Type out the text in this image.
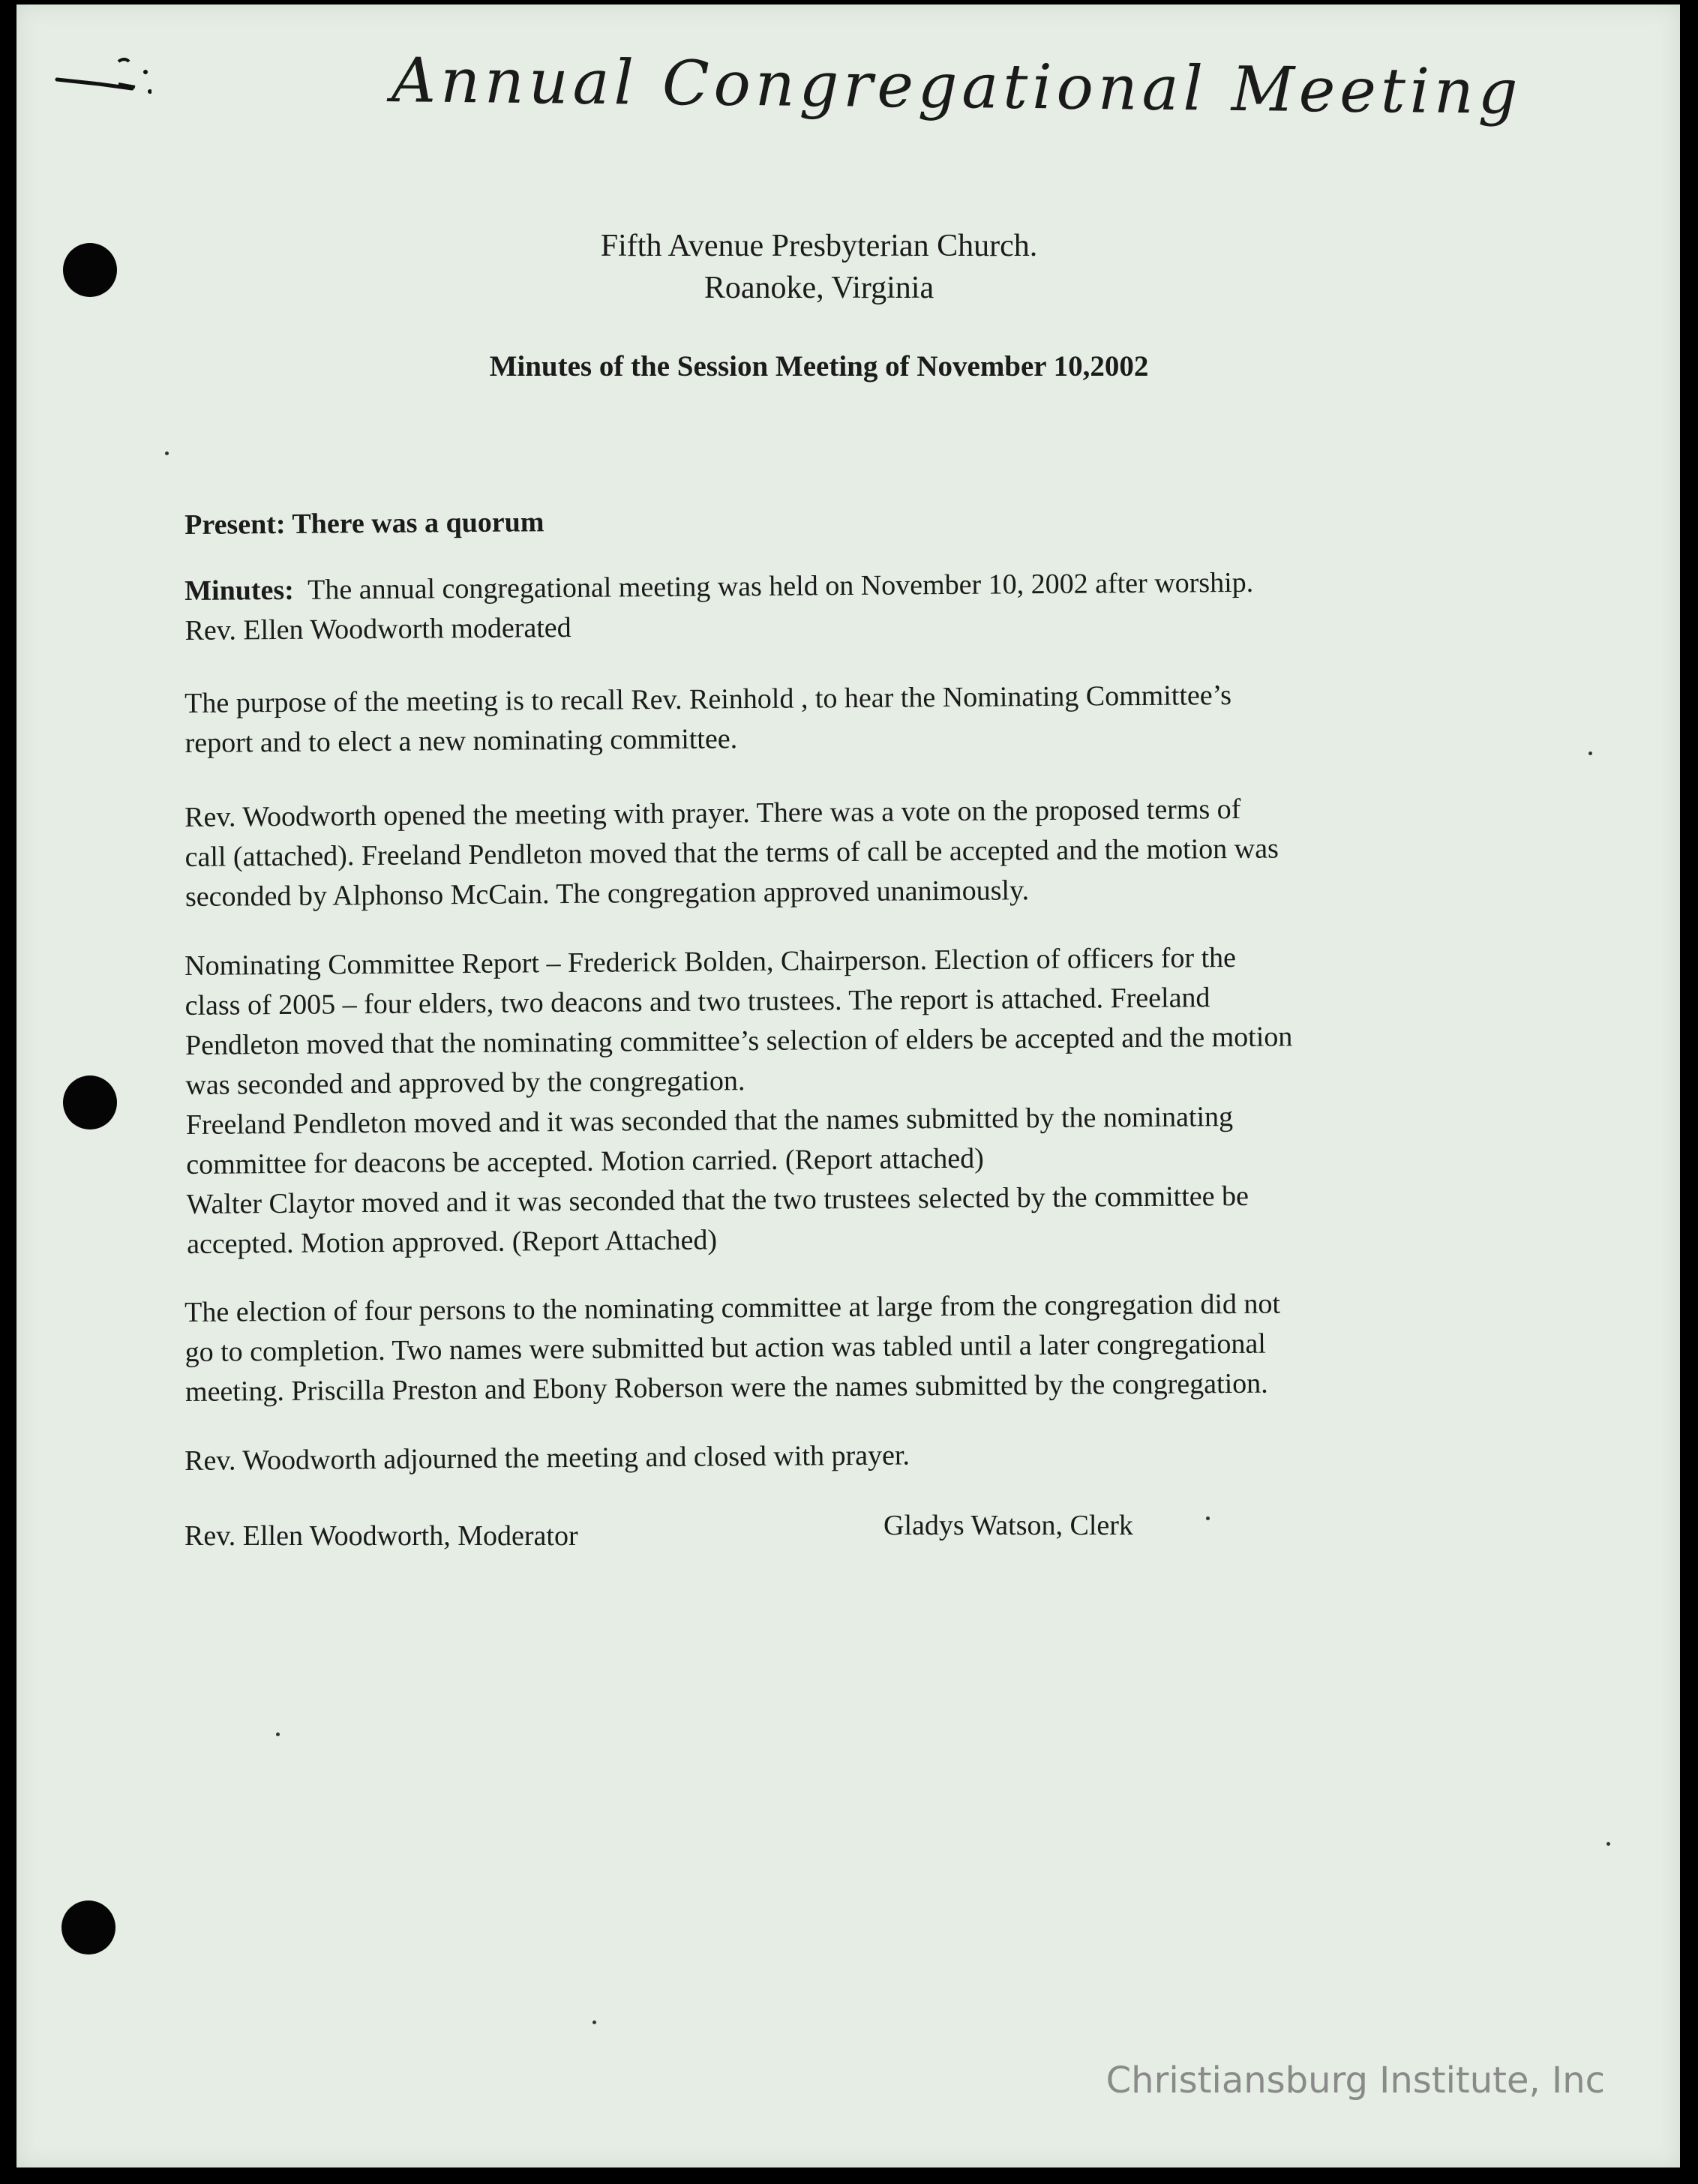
Annual Congregational Meeting
Fifth Avenue Presbyterian Church.
Roanoke, Virginia
Minutes of the Session Meeting of November 10,2002
Present: There was a quorum
Minutes: The annual congregational meeting was held on November 10, 2002 after worship.
Rev. Ellen Woodworth moderated
The purpose of the meeting is to recall Rev. Reinhold , to hear the Nominating Committee’s
report and to elect a new nominating committee.
Rev. Woodworth opened the meeting with prayer. There was a vote on the proposed terms of
call (attached). Freeland Pendleton moved that the terms of call be accepted and the motion was
seconded by Alphonso McCain. The congregation approved unanimously.
Nominating Committee Report – Frederick Bolden, Chairperson. Election of officers for the
class of 2005 – four elders, two deacons and two trustees. The report is attached. Freeland
Pendleton moved that the nominating committee’s selection of elders be accepted and the motion
was seconded and approved by the congregation.
Freeland Pendleton moved and it was seconded that the names submitted by the nominating
committee for deacons be accepted. Motion carried. (Report attached)
Walter Claytor moved and it was seconded that the two trustees selected by the committee be
accepted. Motion approved. (Report Attached)
The election of four persons to the nominating committee at large from the congregation did not
go to completion. Two names were submitted but action was tabled until a later congregational
meeting. Priscilla Preston and Ebony Roberson were the names submitted by the congregation.
Rev. Woodworth adjourned the meeting and closed with prayer.
Rev. Ellen Woodworth, Moderator	Gladys Watson, Clerk
Christiansburg Institute, Inc
